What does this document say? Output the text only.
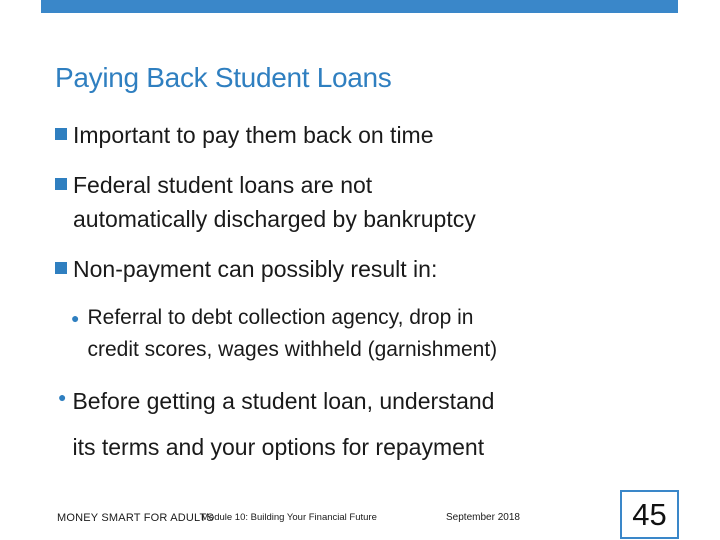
Paying Back Student Loans
Important to pay them back on time
Federal student loans are not
automatically discharged by bankruptcy
Non-payment can possibly result in:
● Referral to debt collection agency, drop in
credit scores, wages withheld (garnishment)
● Before getting a student loan, understand
its terms and your options for repayment
MONEY SMART FOR ADULTS
Module 10: Building Your Financial Future	September 2018	45
